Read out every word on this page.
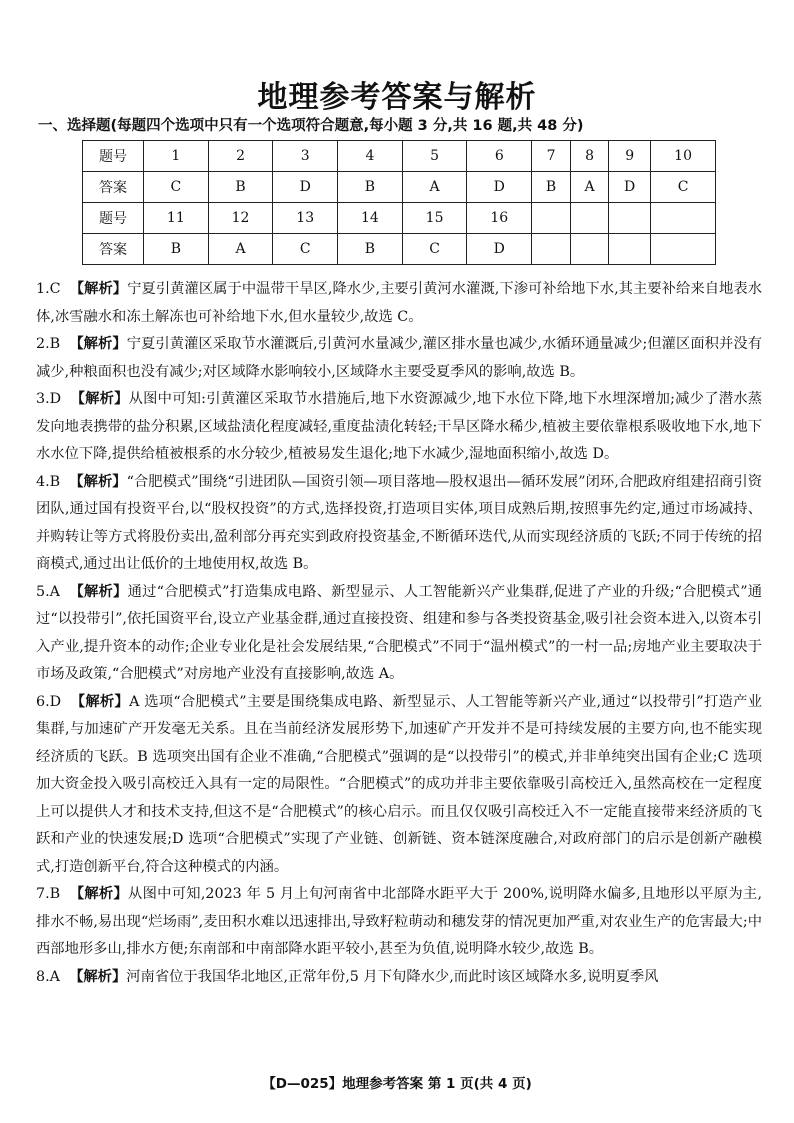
地理参考答案与解析
一、选择题(每题四个选项中只有一个选项符合题意,每小题 3 分,共 16 题,共 48 分)
题号	1	2	3	4	5	6	7	8	9	10
答案	C	B	D	B	A	D	B	A	D	C
题号	11	12	13	14	15	16				
答案	B	A	C	B	C	D				

1.C 【解析】宁夏引黄灌区属于中温带干旱区,降水少,主要引黄河水灌溉,下渗可补给地下水,其主要补给来自地表水体,冰雪融水和冻土解冻也可补给地下水,但水量较少,故选 C。

2.B 【解析】宁夏引黄灌区采取节水灌溉后,引黄河水量减少,灌区排水量也减少,水循环通量减少;但灌区面积并没有减少,种粮面积也没有减少;对区域降水影响较小,区域降水主要受夏季风的影响,故选 B。

3.D 【解析】从图中可知:引黄灌区采取节水措施后,地下水资源减少,地下水位下降,地下水埋深增加;减少了潜水蒸发向地表携带的盐分积累,区域盐渍化程度减轻,重度盐渍化转轻;干旱区降水稀少,植被主要依靠根系吸收地下水,地下水水位下降,提供给植被根系的水分较少,植被易发生退化;地下水减少,湿地面积缩小,故选 D。

4.B 【解析】“合肥模式”围绕“引进团队—国资引领—项目落地—股权退出—循环发展”闭环,合肥政府组建招商引资团队,通过国有投资平台,以“股权投资”的方式,选择投资,打造项目实体,项目成熟后期,按照事先约定,通过市场减持、并购转让等方式将股份卖出,盈利部分再充实到政府投资基金,不断循环迭代,从而实现经济质的飞跃;不同于传统的招商模式,通过出让低价的土地使用权,故选 B。

5.A 【解析】通过“合肥模式”打造集成电路、新型显示、人工智能新兴产业集群,促进了产业的升级;“合肥模式”通过“以投带引”,依托国资平台,设立产业基金群,通过直接投资、组建和参与各类投资基金,吸引社会资本进入,以资本引入产业,提升资本的动作;企业专业化是社会发展结果,“合肥模式”不同于“温州模式”的一村一品;房地产业主要取决于市场及政策,“合肥模式”对房地产业没有直接影响,故选 A。

6.D 【解析】A 选项“合肥模式”主要是围绕集成电路、新型显示、人工智能等新兴产业,通过“以投带引”打造产业集群,与加速矿产开发毫无关系。且在当前经济发展形势下,加速矿产开发并不是可持续发展的主要方向,也不能实现经济质的飞跃。B 选项突出国有企业不准确,“合肥模式”强调的是“以投带引”的模式,并非单纯突出国有企业;C 选项加大资金投入吸引高校迁入具有一定的局限性。“合肥模式”的成功并非主要依靠吸引高校迁入,虽然高校在一定程度上可以提供人才和技术支持,但这不是“合肥模式”的核心启示。而且仅仅吸引高校迁入不一定能直接带来经济质的飞跃和产业的快速发展;D 选项“合肥模式”实现了产业链、创新链、资本链深度融合,对政府部门的启示是创新产融模式,打造创新平台,符合这种模式的内涵。

7.B 【解析】从图中可知,2023 年 5 月上旬河南省中北部降水距平大于 200%,说明降水偏多,且地形以平原为主,排水不畅,易出现“烂场雨”,麦田积水难以迅速排出,导致籽粒萌动和穗发芽的情况更加严重,对农业生产的危害最大;中西部地形多山,排水方便;东南部和中南部降水距平较小,甚至为负值,说明降水较少,故选 B。

8.A 【解析】河南省位于我国华北地区,正常年份,5 月下旬降水少,而此时该区域降水多,说明夏季风

【D—025】地理参考答案 第 1 页(共 4 页)
